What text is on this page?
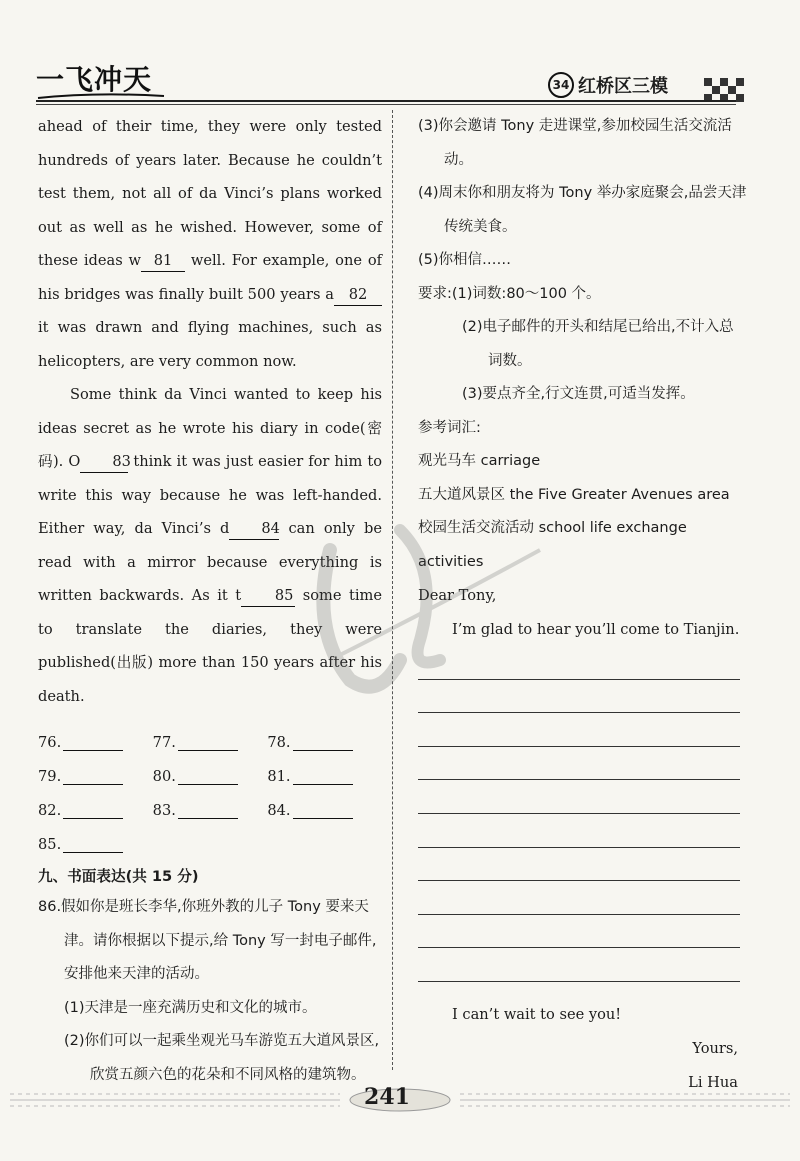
一飞冲天	34 红桥区三模

ahead of their time, they were only tested hundreds of years later. Because he couldn’t test them, not all of da Vinci’s plans worked out as well as he wished. However, some of these ideas w 81 well. For example, one of his bridges was finally built 500 years a 82 it was drawn and flying machines, such as helicopters, are very common now.

Some think da Vinci wanted to keep his ideas secret as he wrote his diary in code(密码). O 83 think it was just easier for him to write this way because he was left-handed. Either way, da Vinci’s d 84 can only be read with a mirror because everything is written backwards. As it t 85 some time to translate the diaries, they were published(出版) more than 150 years after his death.

76.	77.	78.
79.	80.	81.
82.	83.	84.
85.
九、书面表达(共 15 分)

86.假如你是班长李华,你班外教的儿子 Tony 要来天津。请你根据以下提示,给 Tony 写一封电子邮件,安排他来天津的活动。

(1)天津是一座充满历史和文化的城市。

(2)你们可以一起乘坐观光马车游览五大道风景区,欣赏五颜六色的花朵和不同风格的建筑物。

(3)你会邀请 Tony 走进课堂,参加校园生活交流活动。

(4)周末你和朋友将为 Tony 举办家庭聚会,品尝天津传统美食。

(5)你相信……

要求:(1)词数:80～100 个。

(2)电子邮件的开头和结尾已给出,不计入总词数。

(3)要点齐全,行文连贯,可适当发挥。

参考词汇:

观光马车 carriage

五大道风景区 the Five Greater Avenues area

校园生活交流活动 school life exchange activities

Dear Tony,

I’m glad to hear you’ll come to Tianjin.

I can’t wait to see you!

Yours,

Li Hua

241
